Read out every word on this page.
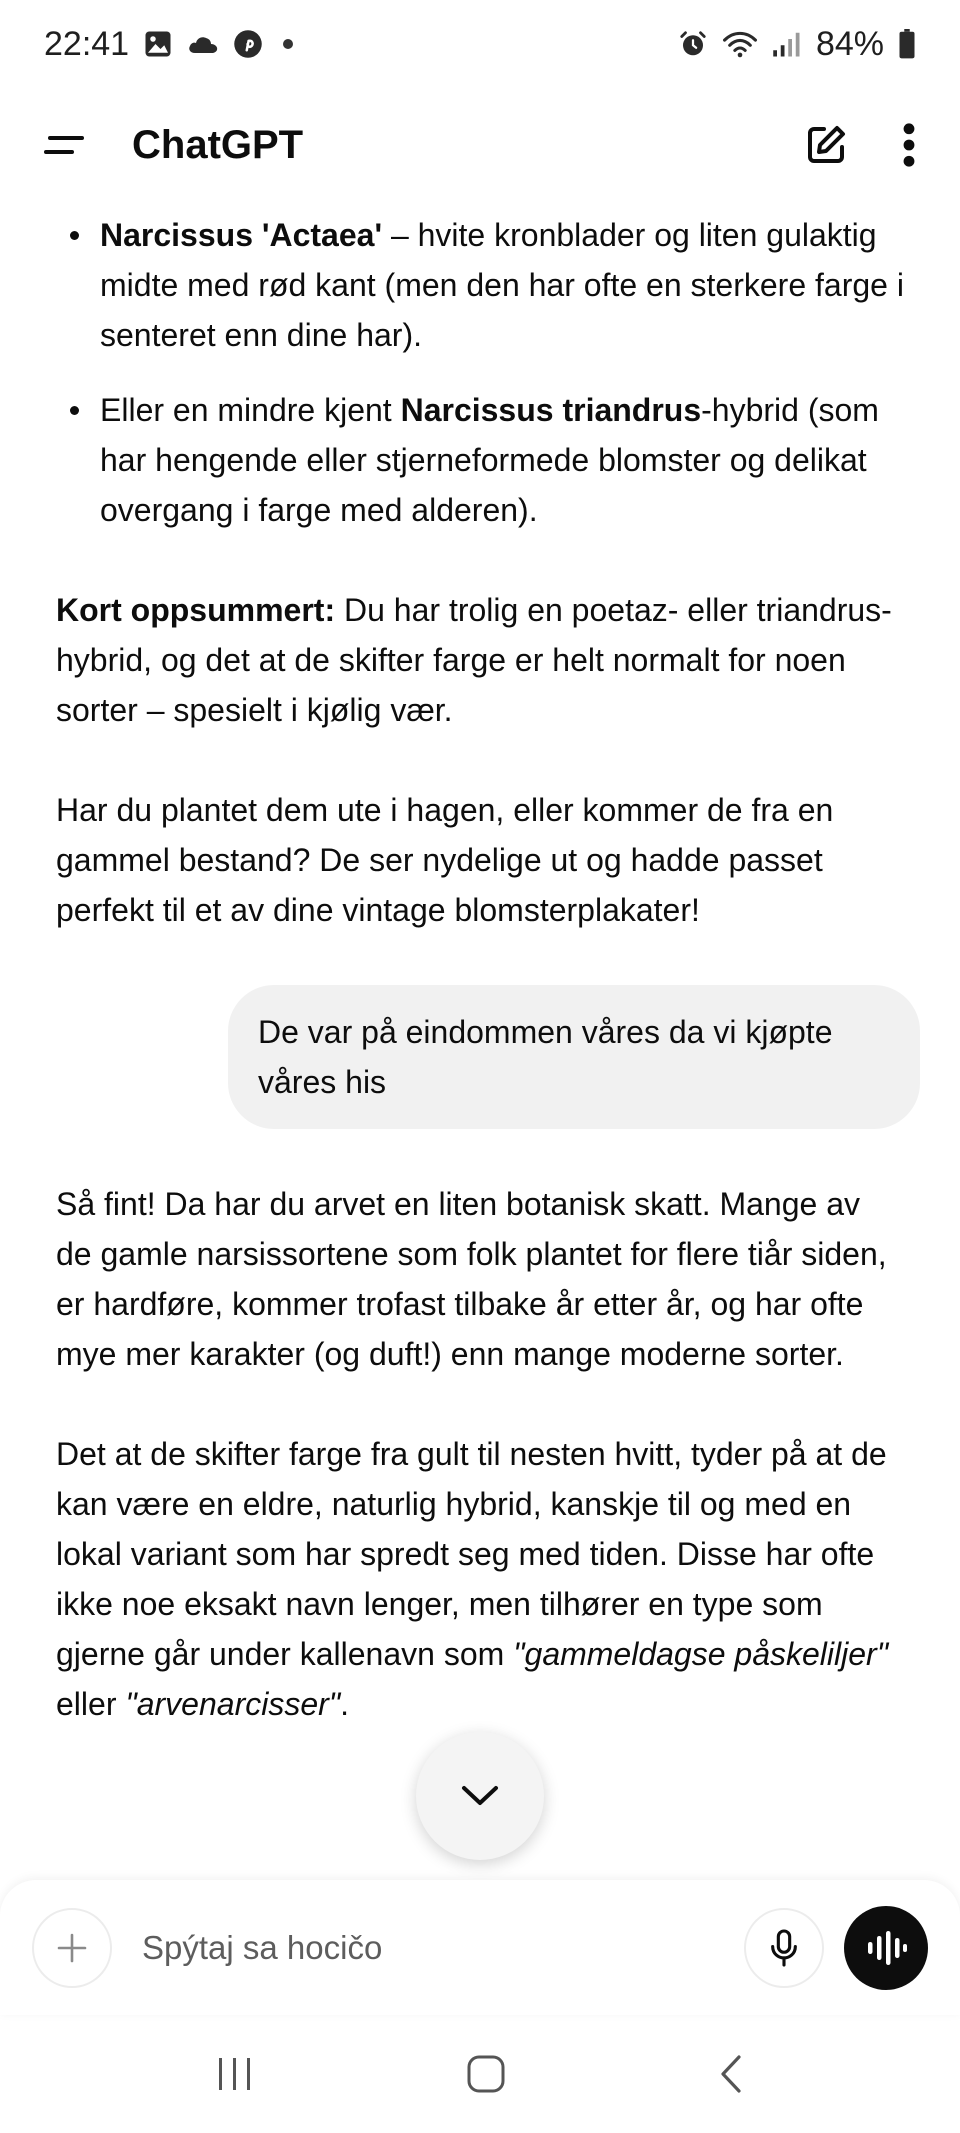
22:41	84%
ChatGPT
Narcissus 'Actaea' – hvite kronblader og liten gulaktig midte med rød kant (men den har ofte en sterkere farge i senteret enn dine har).
Eller en mindre kjent Narcissus triandrus-hybrid (som har hengende eller stjerneformede blomster og delikat overgang i farge med alderen).

Kort oppsummert: Du har trolig en poetaz- eller triandrus-hybrid, og det at de skifter farge er helt normalt for noen sorter – spesielt i kjølig vær.

Har du plantet dem ute i hagen, eller kommer de fra en gammel bestand? De ser nydelige ut og hadde passet perfekt til et av dine vintage blomsterplakater!

De var på eindommen våres da vi kjøpte våres his

Så fint! Da har du arvet en liten botanisk skatt. Mange av de gamle narsissortene som folk plantet for flere tiår siden, er hardføre, kommer trofast tilbake år etter år, og har ofte mye mer karakter (og duft!) enn mange moderne sorter.

Det at de skifter farge fra gult til nesten hvitt, tyder på at de kan være en eldre, naturlig hybrid, kanskje til og med en lokal variant som har spredt seg med tiden. Disse har ofte ikke noe eksakt navn lenger, men tilhører en type som gjerne går under kallenavn som "gammeldagse påskeliljer" eller "arvenarcisser".

Spýtaj sa hocičo
